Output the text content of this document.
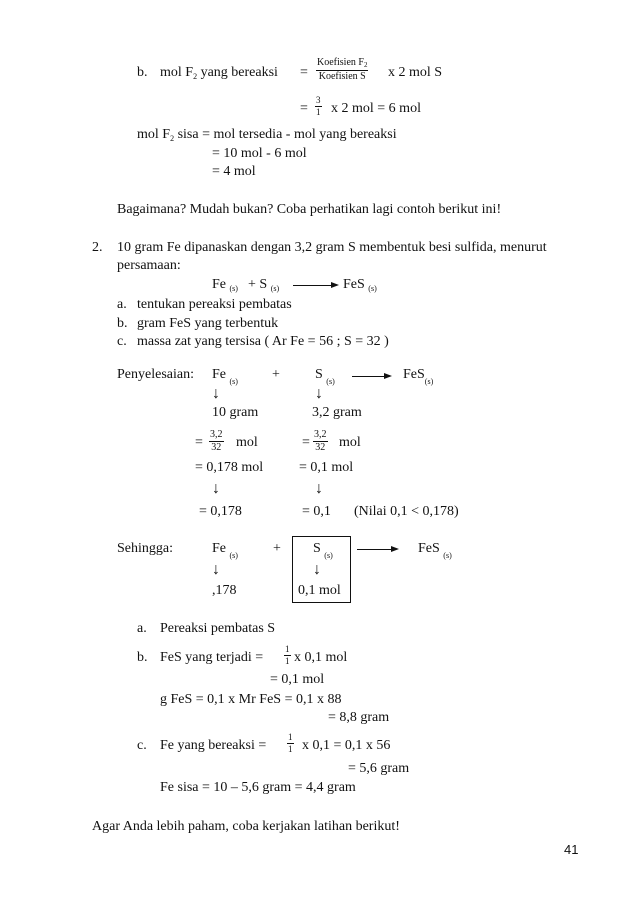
b. mol $F_2$ yang bereaksi =
Koefisien $F_2$
Koefisien S x 2 mol S
= $\frac{3}{1}$ x 2 mol = 6 mol
mol $F_2$ sisa = mol tersedia - mol yang bereaksi
= 10 mol - 6 mol
= 4 mol
Bagaimana? Mudah bukan? Coba perhatikan lagi contoh berikut ini!
2. 10 gram Fe dipanaskan dengan 3,2 gram S membentuk besi sulfida, menurut
persamaan:
Fe $_{(s)}$ + S $_{(s)}$	FeS $_{(s)}$
a. tentukan pereaksi pembatas
b. gram FeS yang terbentuk
c. massa zat yang tersisa ( Ar Fe = 56 ; S = 32 )
Penyelesaian: Fe $_{(s)}$ +	S $_{(s)}$	FeS$_{(s)}$
↓	↓
10 gram	3,2 gram
= $\frac{3,2}{32}$ mol	= $\frac{3,2}{32}$ mol
= 0,178 mol	= 0,1 mol
↓	↓
= 0,178	= 0,1 (Nilai 0,1 < 0,178)
Sehingga:	Fe $_{(s)}$	+ S $_{(s)}$	FeS $_{(s)}$
↓	↓
,178	0,1 mol
a. Pereaksi pembatas S
b. FeS yang terjadi = $\frac{1}{1}$ x 0,1 mol
= 0,1 mol
g FeS = 0,1 x Mr FeS = 0,1 x 88
= 8,8 gram
c. Fe yang bereaksi = $\frac{1}{1}$ x 0,1 = 0,1 x 56
= 5,6 gram
Fe sisa = 10 – 5,6 gram = 4,4 gram
Agar Anda lebih paham, coba kerjakan latihan berikut!
41
